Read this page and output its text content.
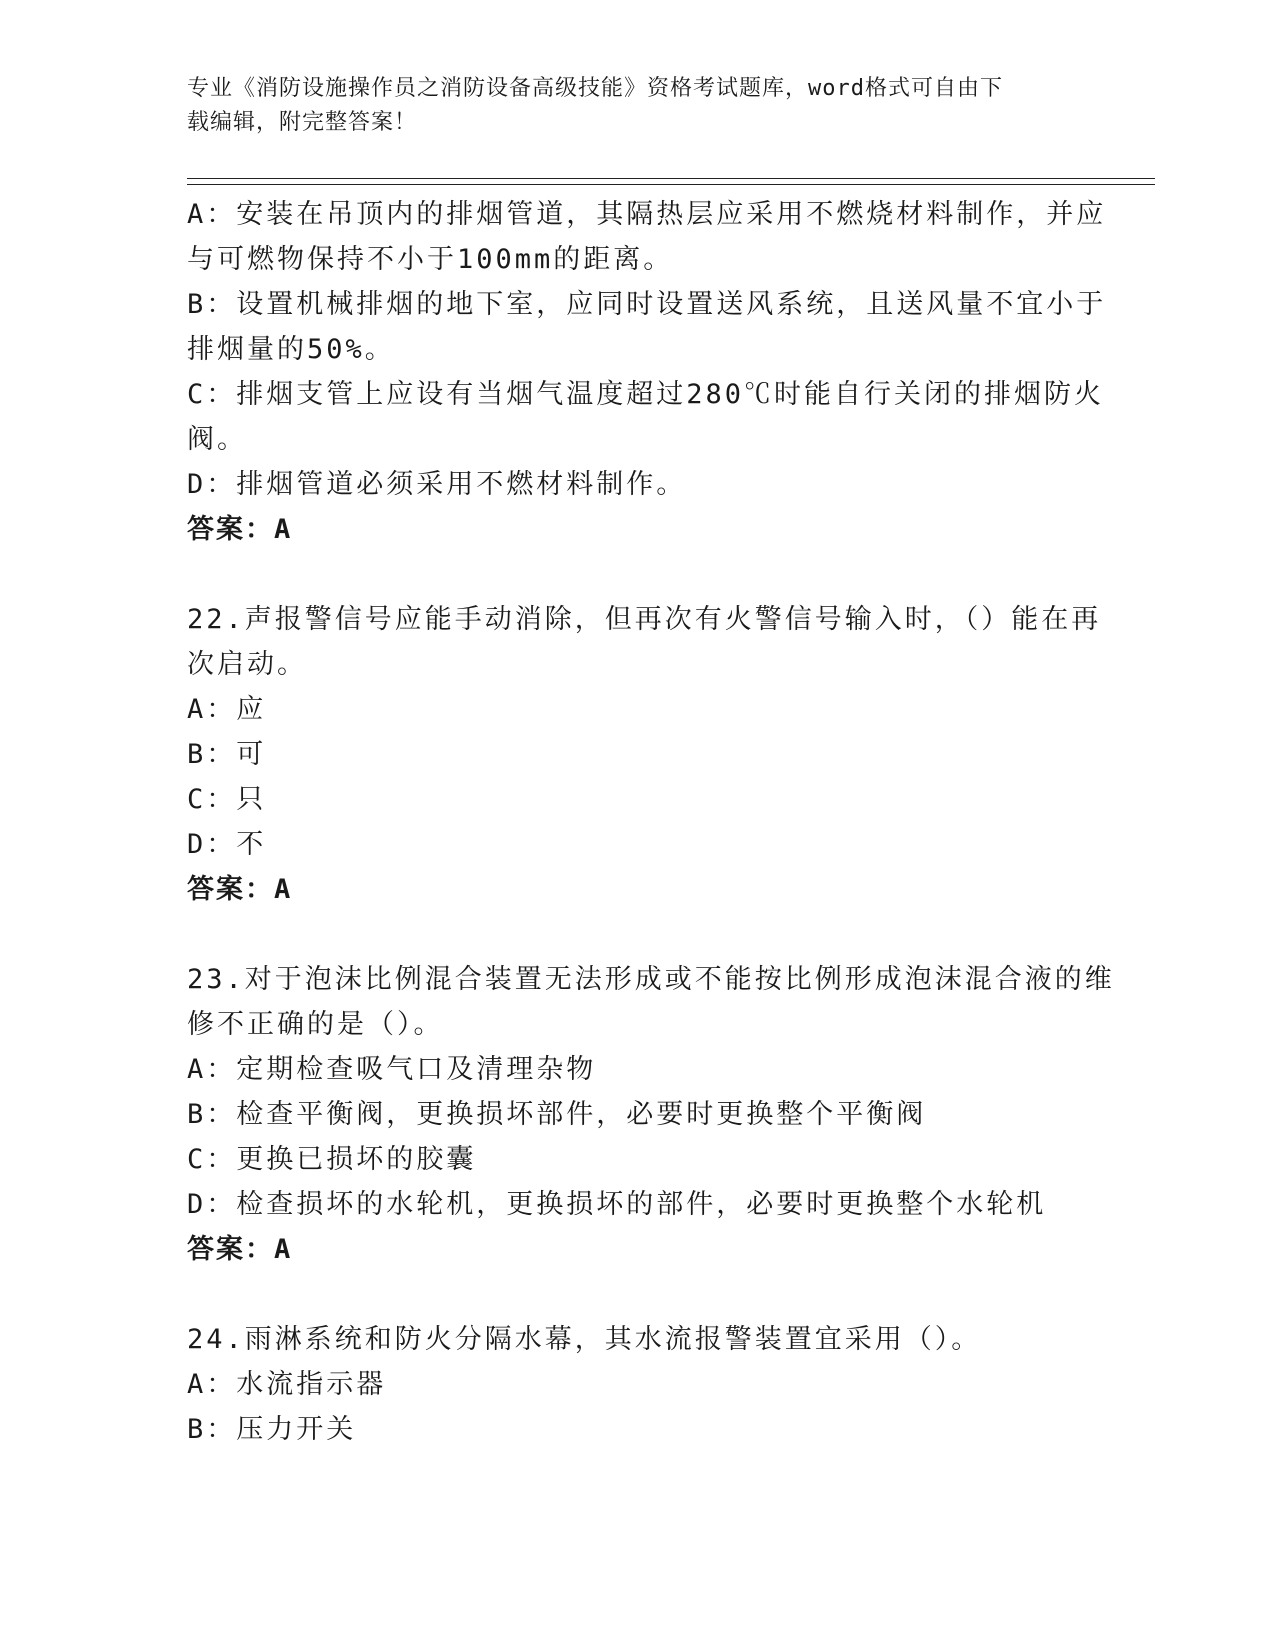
专业《消防设施操作员之消防设备高级技能》资格考试题库，word格式可自由下
载编辑，附完整答案！
A：安装在吊顶内的排烟管道，其隔热层应采用不燃烧材料制作，并应
与可燃物保持不小于100mm的距离。
B：设置机械排烟的地下室，应同时设置送风系统，且送风量不宜小于
排烟量的50%。
C：排烟支管上应设有当烟气温度超过280℃时能自行关闭的排烟防火
阀。
D：排烟管道必须采用不燃材料制作。
答案：A
22.声报警信号应能手动消除，但再次有火警信号输入时，（）能在再
次启动。
A：应
B：可
C：只
D：不
答案：A
23.对于泡沫比例混合装置无法形成或不能按比例形成泡沫混合液的维
修不正确的是（）。
A：定期检查吸气口及清理杂物
B：检查平衡阀，更换损坏部件，必要时更换整个平衡阀
C：更换已损坏的胶囊
D：检查损坏的水轮机，更换损坏的部件，必要时更换整个水轮机
答案：A
24.雨淋系统和防火分隔水幕，其水流报警装置宜采用（）。
A：水流指示器
B：压力开关
